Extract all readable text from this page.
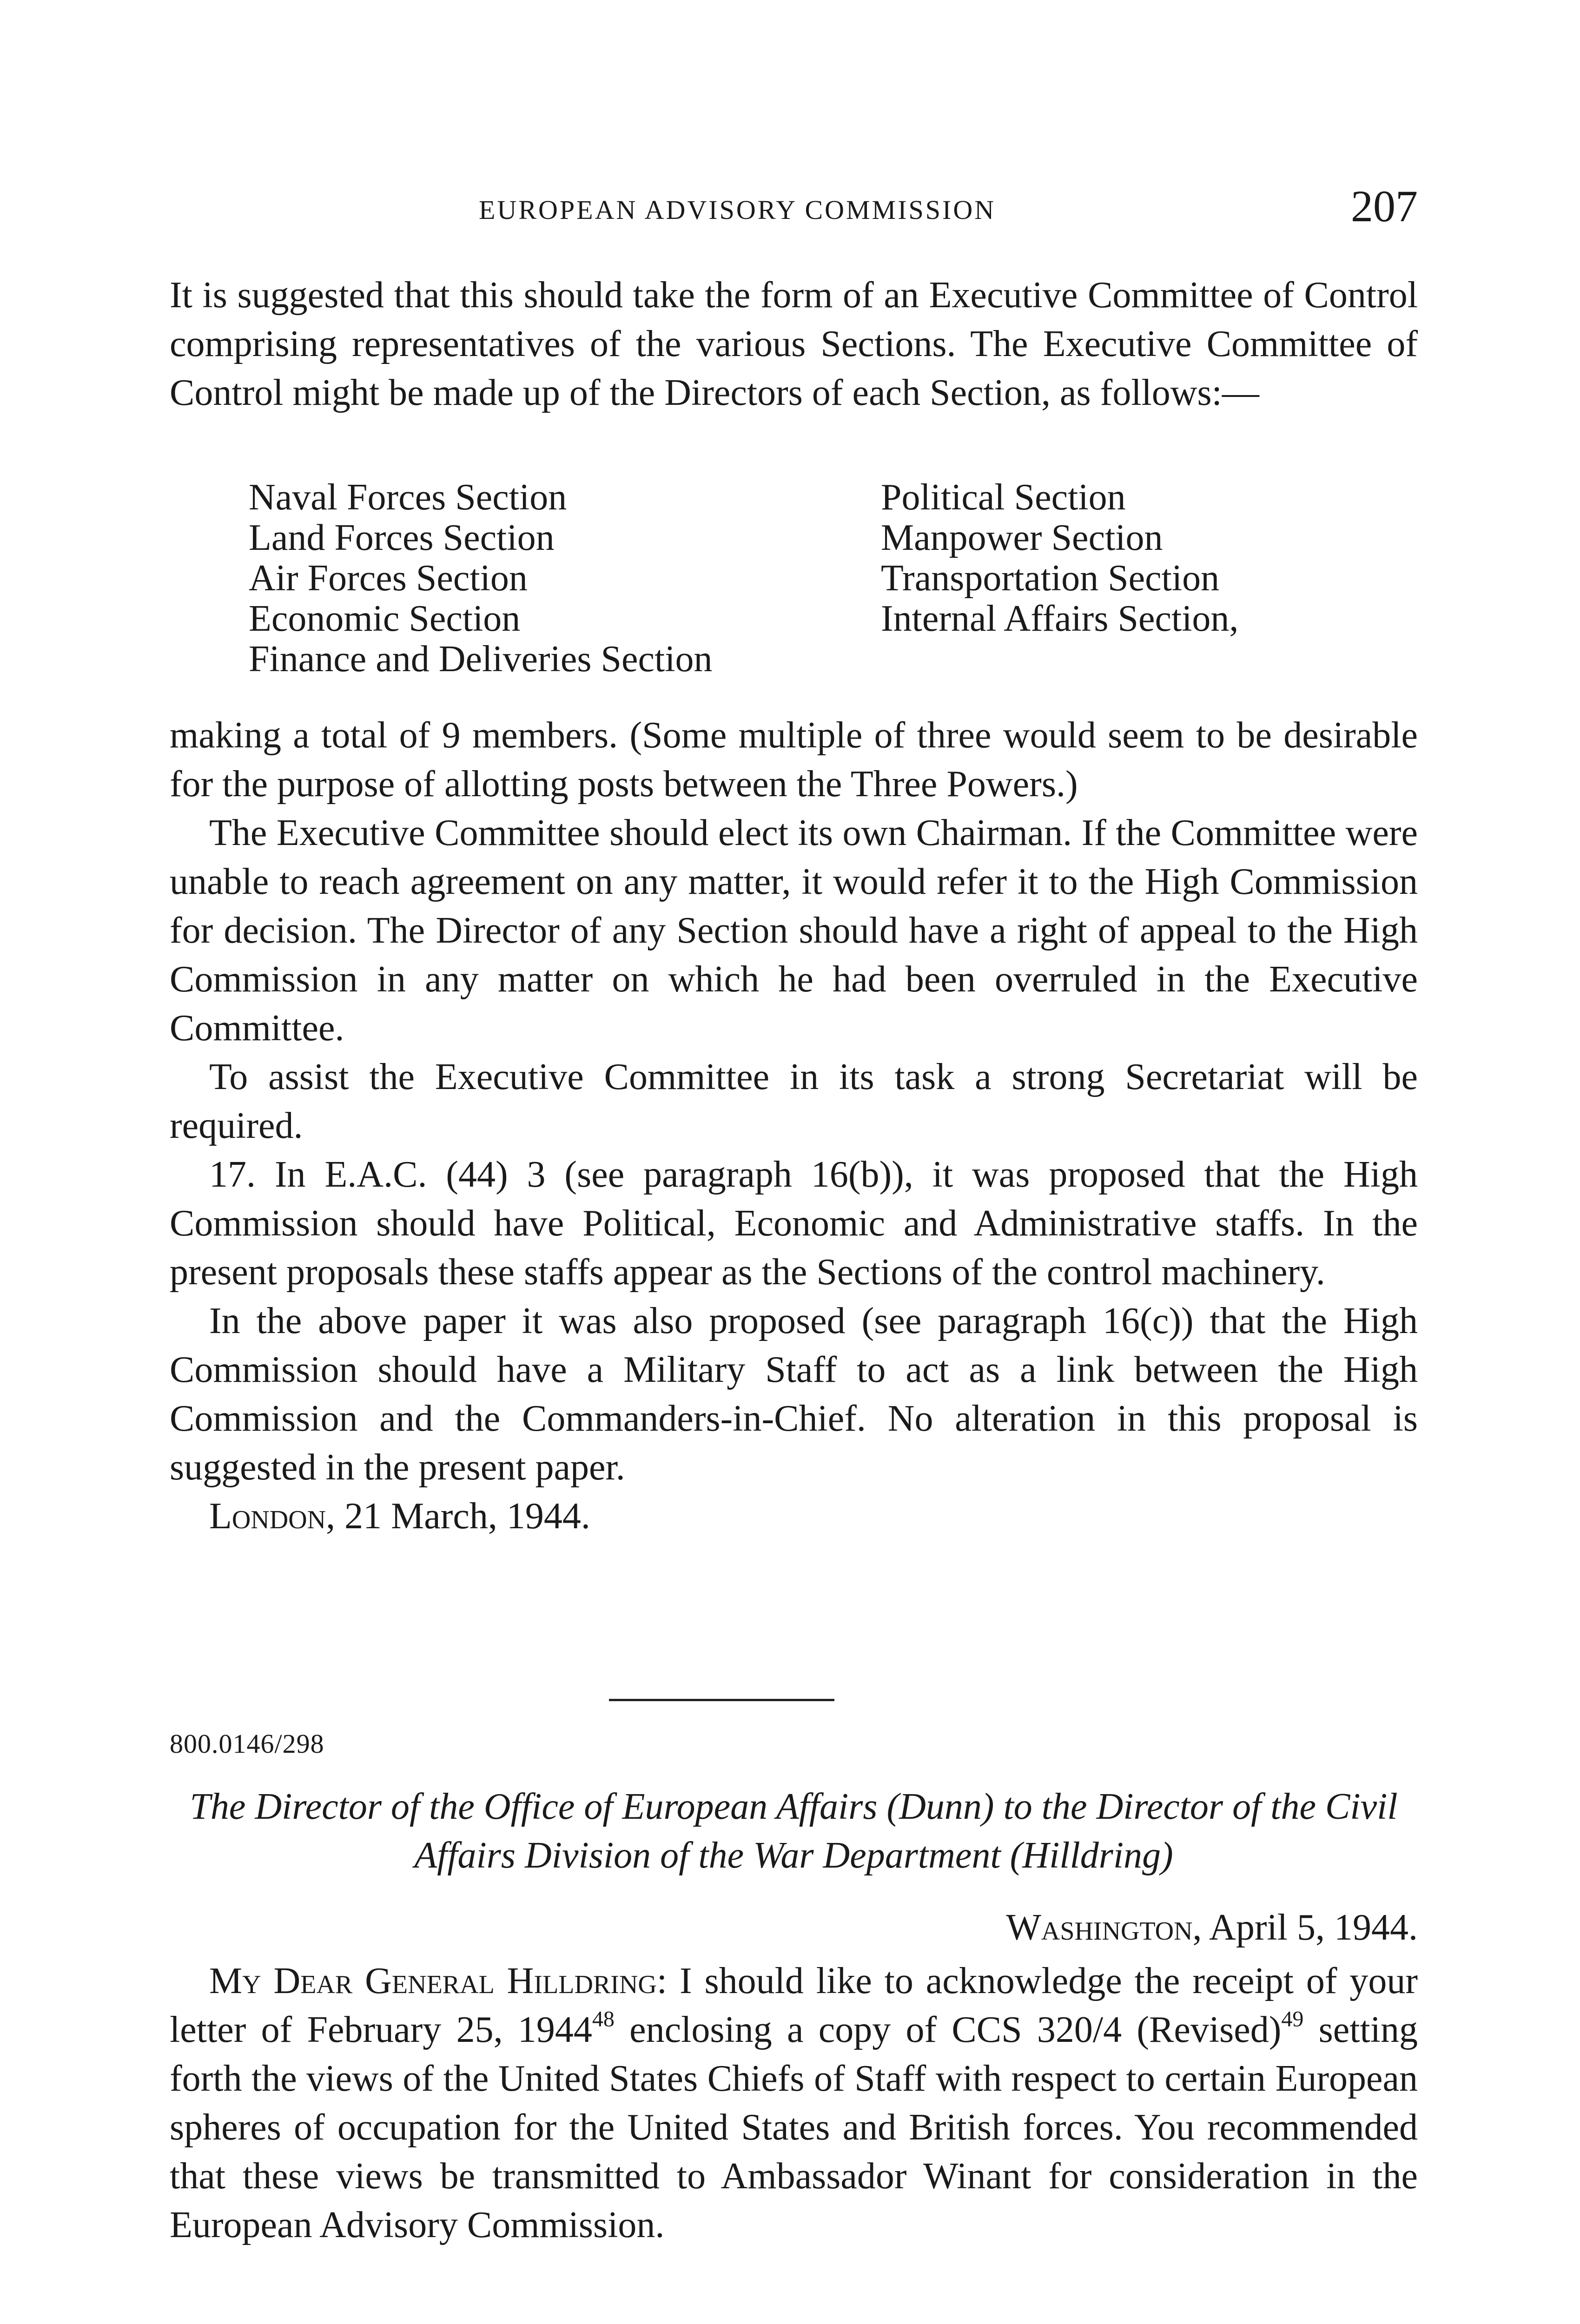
EUROPEAN ADVISORY COMMISSION	207

It is suggested that this should take the form of an Executive Committee of Control comprising representatives of the various Sections. The Executive Committee of Control might be made up of the Directors of each Section, as follows:—

Naval Forces Section
Land Forces Section
Air Forces Section
Economic Section
Finance and Deliveries Section
Political Section
Manpower Section
Transportation Section
Internal Affairs Section,

making a total of 9 members. (Some multiple of three would seem to be desirable for the purpose of allotting posts between the Three Powers.)

The Executive Committee should elect its own Chairman. If the Committee were unable to reach agreement on any matter, it would refer it to the High Commission for decision. The Director of any Section should have a right of appeal to the High Commission in any matter on which he had been overruled in the Executive Committee.

To assist the Executive Committee in its task a strong Secretariat will be required.

17. In E.A.C. (44) 3 (see paragraph 16(b)), it was proposed that the High Commission should have Political, Economic and Administrative staffs. In the present proposals these staffs appear as the Sections of the control machinery.

In the above paper it was also proposed (see paragraph 16(c)) that the High Commission should have a Military Staff to act as a link between the High Commission and the Commanders-in-Chief. No alteration in this proposal is suggested in the present paper.

London, 21 March, 1944.

800.0146/298
The Director of the Office of European Affairs (Dunn) to the Director of the Civil Affairs Division of the War Department (Hilldring)
Washington, April 5, 1944.

My Dear General Hilldring: I should like to acknowledge the receipt of your letter of February 25, 1944$^{48}$ enclosing a copy of CCS 320/4 (Revised)$^{49}$ setting forth the views of the United States Chiefs of Staff with respect to certain European spheres of occupation for the United States and British forces. You recommended that these views be transmitted to Ambassador Winant for consideration in the European Advisory Commission.
